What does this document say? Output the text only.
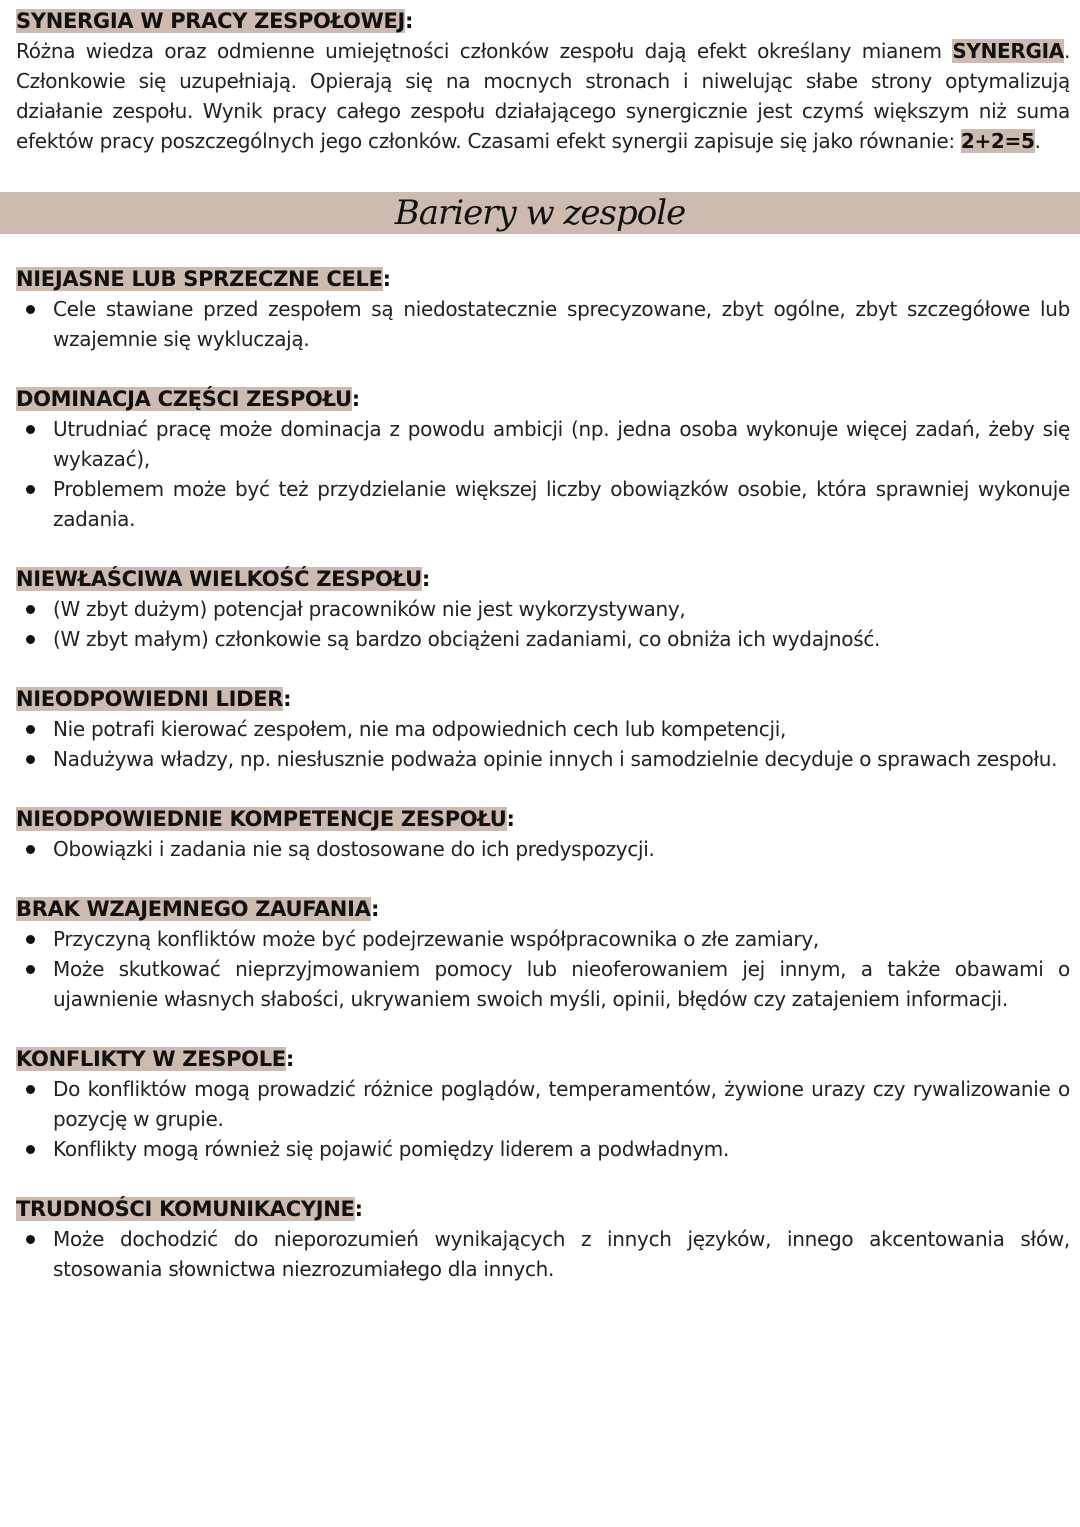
SYNERGIA W PRACY ZESPOŁOWEJ:

Różna wiedza oraz odmienne umiejętności członków zespołu dają efekt określany mianem SYNERGIA. Członkowie się uzupełniają. Opierają się na mocnych stronach i niwelując słabe strony optymalizują działanie zespołu. Wynik pracy całego zespołu działającego synergicznie jest czymś większym niż suma efektów pracy poszczególnych jego członków. Czasami efekt synergii zapisuje się jako równanie: 2+2=5.

Bariery w zespole
NIEJASNE LUB SPRZECZNE CELE:
Cele stawiane przed zespołem są niedostatecznie sprecyzowane, zbyt ogólne, zbyt szczegółowe lub wzajemnie się wykluczają.
DOMINACJA CZĘŚCI ZESPOŁU:
Utrudniać pracę może dominacja z powodu ambicji (np. jedna osoba wykonuje więcej zadań, żeby się wykazać),
Problemem może być też przydzielanie większej liczby obowiązków osobie, która sprawniej wykonuje zadania.
NIEWŁAŚCIWA WIELKOŚĆ ZESPOŁU:
(W zbyt dużym) potencjał pracowników nie jest wykorzystywany,
(W zbyt małym) członkowie są bardzo obciążeni zadaniami, co obniża ich wydajność.
NIEODPOWIEDNI LIDER:
Nie potrafi kierować zespołem, nie ma odpowiednich cech lub kompetencji,
Nadużywa władzy, np. niesłusznie podważa opinie innych i samodzielnie decyduje o sprawach zespołu.
NIEODPOWIEDNIE KOMPETENCJE ZESPOŁU:
Obowiązki i zadania nie są dostosowane do ich predyspozycji.
BRAK WZAJEMNEGO ZAUFANIA:
Przyczyną konfliktów może być podejrzewanie współpracownika o złe zamiary,
Może skutkować nieprzyjmowaniem pomocy lub nieoferowaniem jej innym, a także obawami o ujawnienie własnych słabości, ukrywaniem swoich myśli, opinii, błędów czy zatajeniem informacji.
KONFLIKTY W ZESPOLE:
Do konfliktów mogą prowadzić różnice poglądów, temperamentów, żywione urazy czy rywalizowanie o pozycję w grupie.
Konflikty mogą również się pojawić pomiędzy liderem a podwładnym.
TRUDNOŚCI KOMUNIKACYJNE:
Może dochodzić do nieporozumień wynikających z innych języków, innego akcentowania słów, stosowania słownictwa niezrozumiałego dla innych.
